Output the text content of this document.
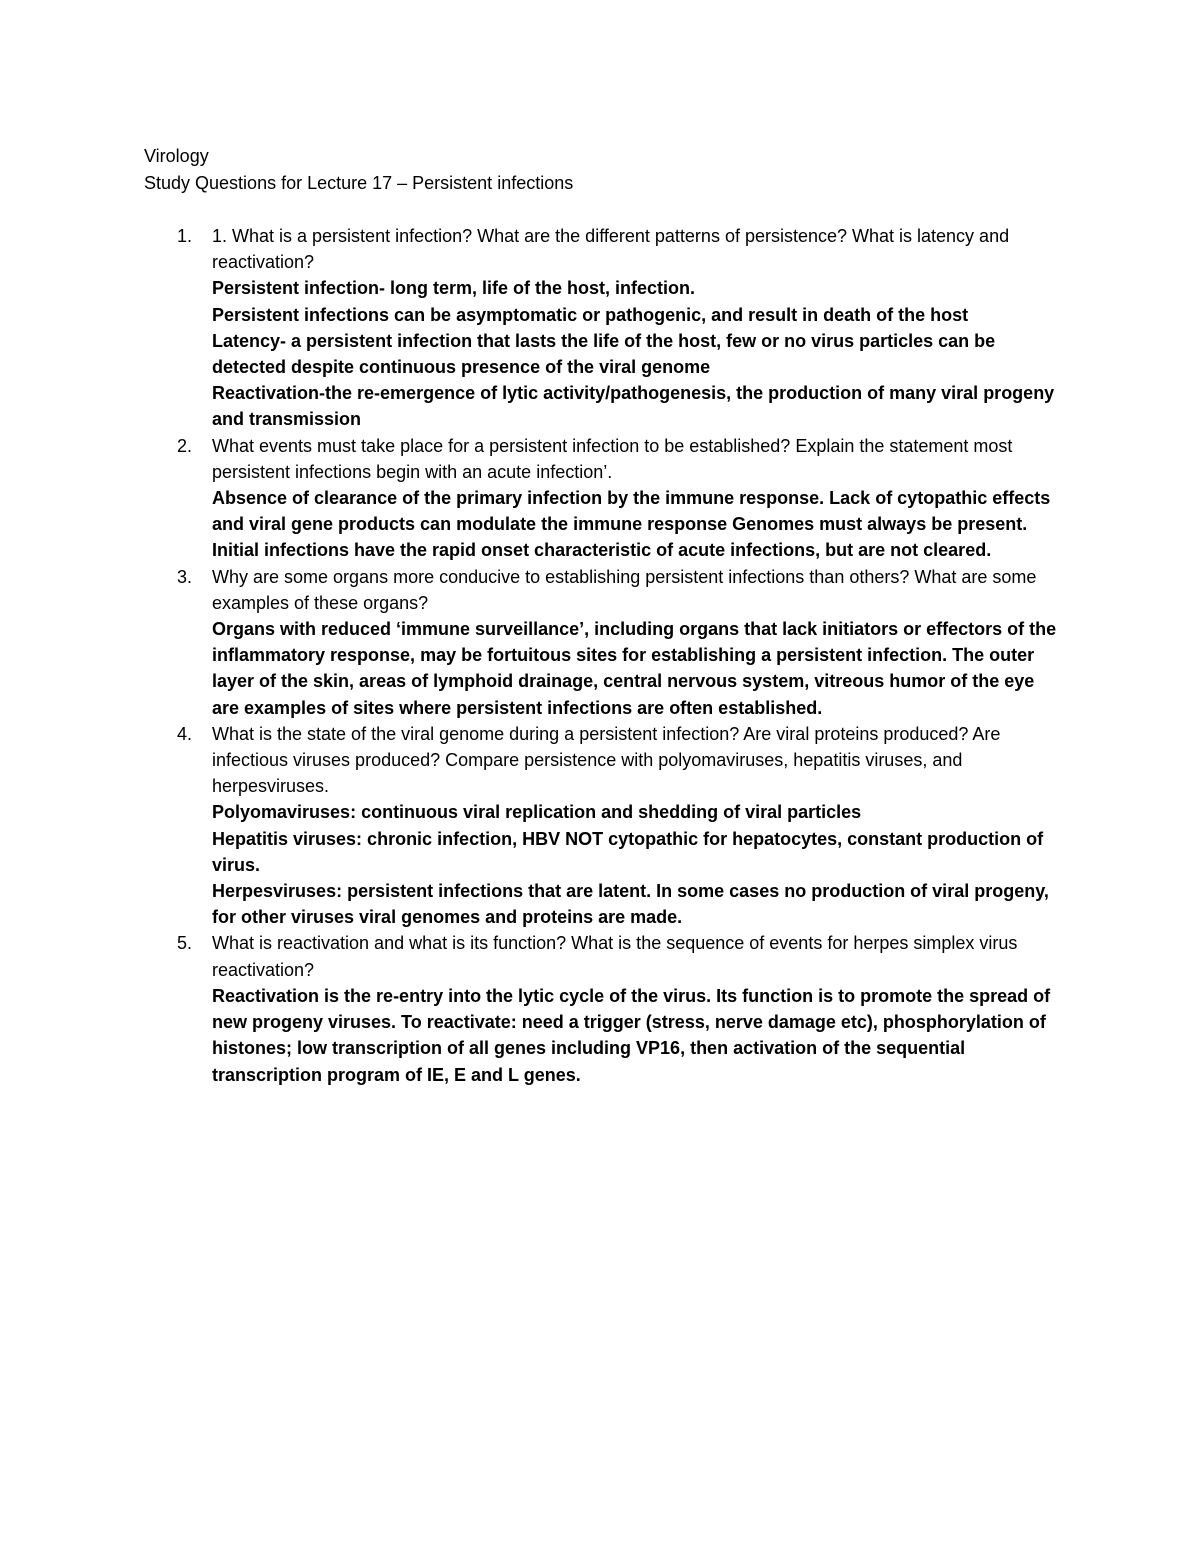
Virology
Study Questions for Lecture 17 – Persistent infections
1. 1. What is a persistent infection? What are the different patterns of persistence? What is latency and reactivation?
Persistent infection- long term, life of the host, infection.
Persistent infections can be asymptomatic or pathogenic, and result in death of the host
Latency- a persistent infection that lasts the life of the host, few or no virus particles can be detected despite continuous presence of the viral genome
Reactivation-the re-emergence of lytic activity/pathogenesis, the production of many viral progeny and transmission
2. What events must take place for a persistent infection to be established? Explain the statement most persistent infections begin with an acute infection’.
Absence of clearance of the primary infection by the immune response. Lack of cytopathic effects and viral gene products can modulate the immune response Genomes must always be present. Initial infections have the rapid onset characteristic of acute infections, but are not cleared.
3. Why are some organs more conducive to establishing persistent infections than others? What are some examples of these organs?
Organs with reduced ‘immune surveillance’, including organs that lack initiators or effectors of the inflammatory response, may be fortuitous sites for establishing a persistent infection. The outer layer of the skin, areas of lymphoid drainage, central nervous system, vitreous humor of the eye are examples of sites where persistent infections are often established.
4. What is the state of the viral genome during a persistent infection? Are viral proteins produced? Are infectious viruses produced? Compare persistence with polyomaviruses, hepatitis viruses, and herpesviruses.
Polyomaviruses: continuous viral replication and shedding of viral particles
Hepatitis viruses: chronic infection, HBV NOT cytopathic for hepatocytes, constant production of virus.
Herpesviruses: persistent infections that are latent. In some cases no production of viral progeny, for other viruses viral genomes and proteins are made.
5. What is reactivation and what is its function? What is the sequence of events for herpes simplex virus reactivation?
Reactivation is the re-entry into the lytic cycle of the virus. Its function is to promote the spread of new progeny viruses. To reactivate: need a trigger (stress, nerve damage etc), phosphorylation of histones; low transcription of all genes including VP16, then activation of the sequential transcription program of IE, E and L genes.
